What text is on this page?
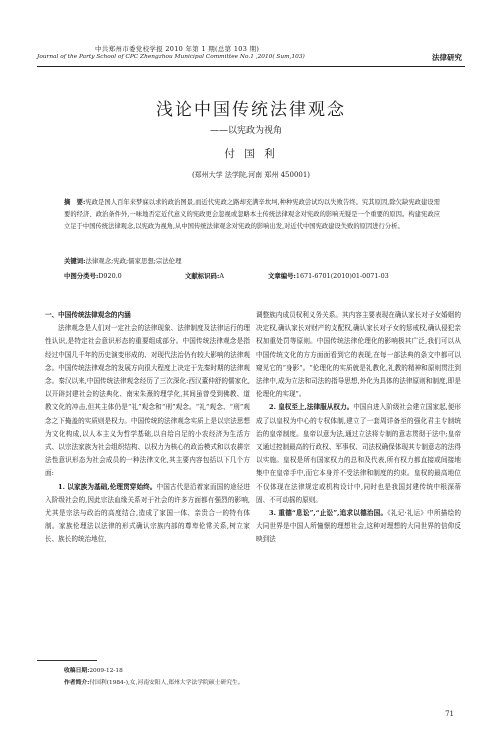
中共郑州市委党校学报 2010 年第 1 期(总第 103 期)
Journal of the Party School of CPC Zhengzhou Municipal Committee No.1 ,2010( Sum,103)	法律研究
浅论中国传统法律观念
——以宪政为视角
付 国 利
(郑州大学 法学院,河南 郑州 450001)
摘　要:宪政是国人百年来梦寐以求的政治图景,而近代宪政之路却充满辛坎坷,种种宪政尝试均以失败告终。究其原因,除欠缺宪政建设需要的经济、政治条件外,一味地否定近代意义的宪政更会忽视或忽略本土传统法律观念对宪政的影响无疑是一个重要的原因。构建宪政应立足于中国传统法律观念,以宪政为视角,从中国传统法律观念对宪政的影响出发,对近代中国宪政建设失败的原因进行分析。
关键词:法律观念;宪政;儒家思想;宗法伦理
中图分类号:D920.0	文献标识码:A	文章编号:1671-6701(2010)01-0071-03

一、中国传统法律观念的内涵

法律观念是人们对一定社会的法律现象、法律制度及法律运行的理性认识,是特定社会意识形态的重要组成部分。中国传统法律观念是指经过中国几千年的历史演变形成的、对现代法治仍有较大影响的法律观念。中国传统法律观念的发展方向很大程度上决定于先秦时期的法律观念。秦汉以来,中国传统法律观念经历了三次深化:西汉董仲舒的儒家化,以开辟封建社会的法典化、南宋朱熹的理学化,其间虽曾受到佛教、道教文化的冲击,但其主体仍是“礼”观念和“刑”观念。“礼”观念、“刑”观念之下掩盖的实质则是权力。中国传统的法律观念实质上是以宗法思想为文化构成,以人本主义为哲学基础,以自给自足的小农经济为生活方式、以宗法家族为社会组织结构、以权力为核心的政治模式和以农耕宗法性意识形态为社会成员的一种法律文化,其主要内容包括以下几个方面:

1. 以家族为基础,伦理贯穿始终。中国古代是沿着家而国的途径进入阶级社会的,因此宗法血缘关系对于社会的许多方面都有强烈的影响,尤其是宗法与政治的高度结合,造成了家国一体、亲贵合一的特有体制。家族伦理法以法律的形式确认宗族内部的尊卑伦常关系,树立家长、族长的统治地位,

调整族内成员权利义务关系。其内容主要表现在确认家长对子女婚姻的决定权,确认家长对财产的支配权,确认家长对子女的惩戒权,确认侵犯亲权加重处罚等原则。中国传统法律伦理化的影响极其广泛,我们可以从中国传统文化的方方面面看到它的表现,在每一部法典的条文中都可以窥见它的“身影”。“伦理化的实质就是礼教化,礼教的精神和原则贯注到法律中,成为立法和司法的指导思想,外化为具体的法律原则和制度,即是伦理化的实现”。

2. 皇权至上,法律服从权力。中国自进入阶级社会建立国家起,便形成了以皇权为中心的专权体制,建立了一套周详备至的强化君主专制统治的皇帝制度。皇帝以意为法,通过立法将专制的意志贯彻于法中;皇帝又通过控制最高的行政权、军事权、司法权确保体现其专制意志的法得以实施。皇权是所有国家权力的总和及代表,所有权力都直接或间接地集中在皇帝手中,而它本身并不受法律和制度的约束。皇权的最高地位不仅体现在法律规定或机构设计中,同时也是我国封建传统中根深蒂固、不可动摇的原则。

3. 重德“息讼”,“止讼”,追求以德治国。《礼记·礼运》中所描绘的大同世界是中国人所憧憬的理想社会,这种对理想的大同世界的信仰反映到法

收稿日期:2009-12-18
作者简介:付国利(1984-),女,河南安阳人,郑州大学法学院硕士研究生。
71
